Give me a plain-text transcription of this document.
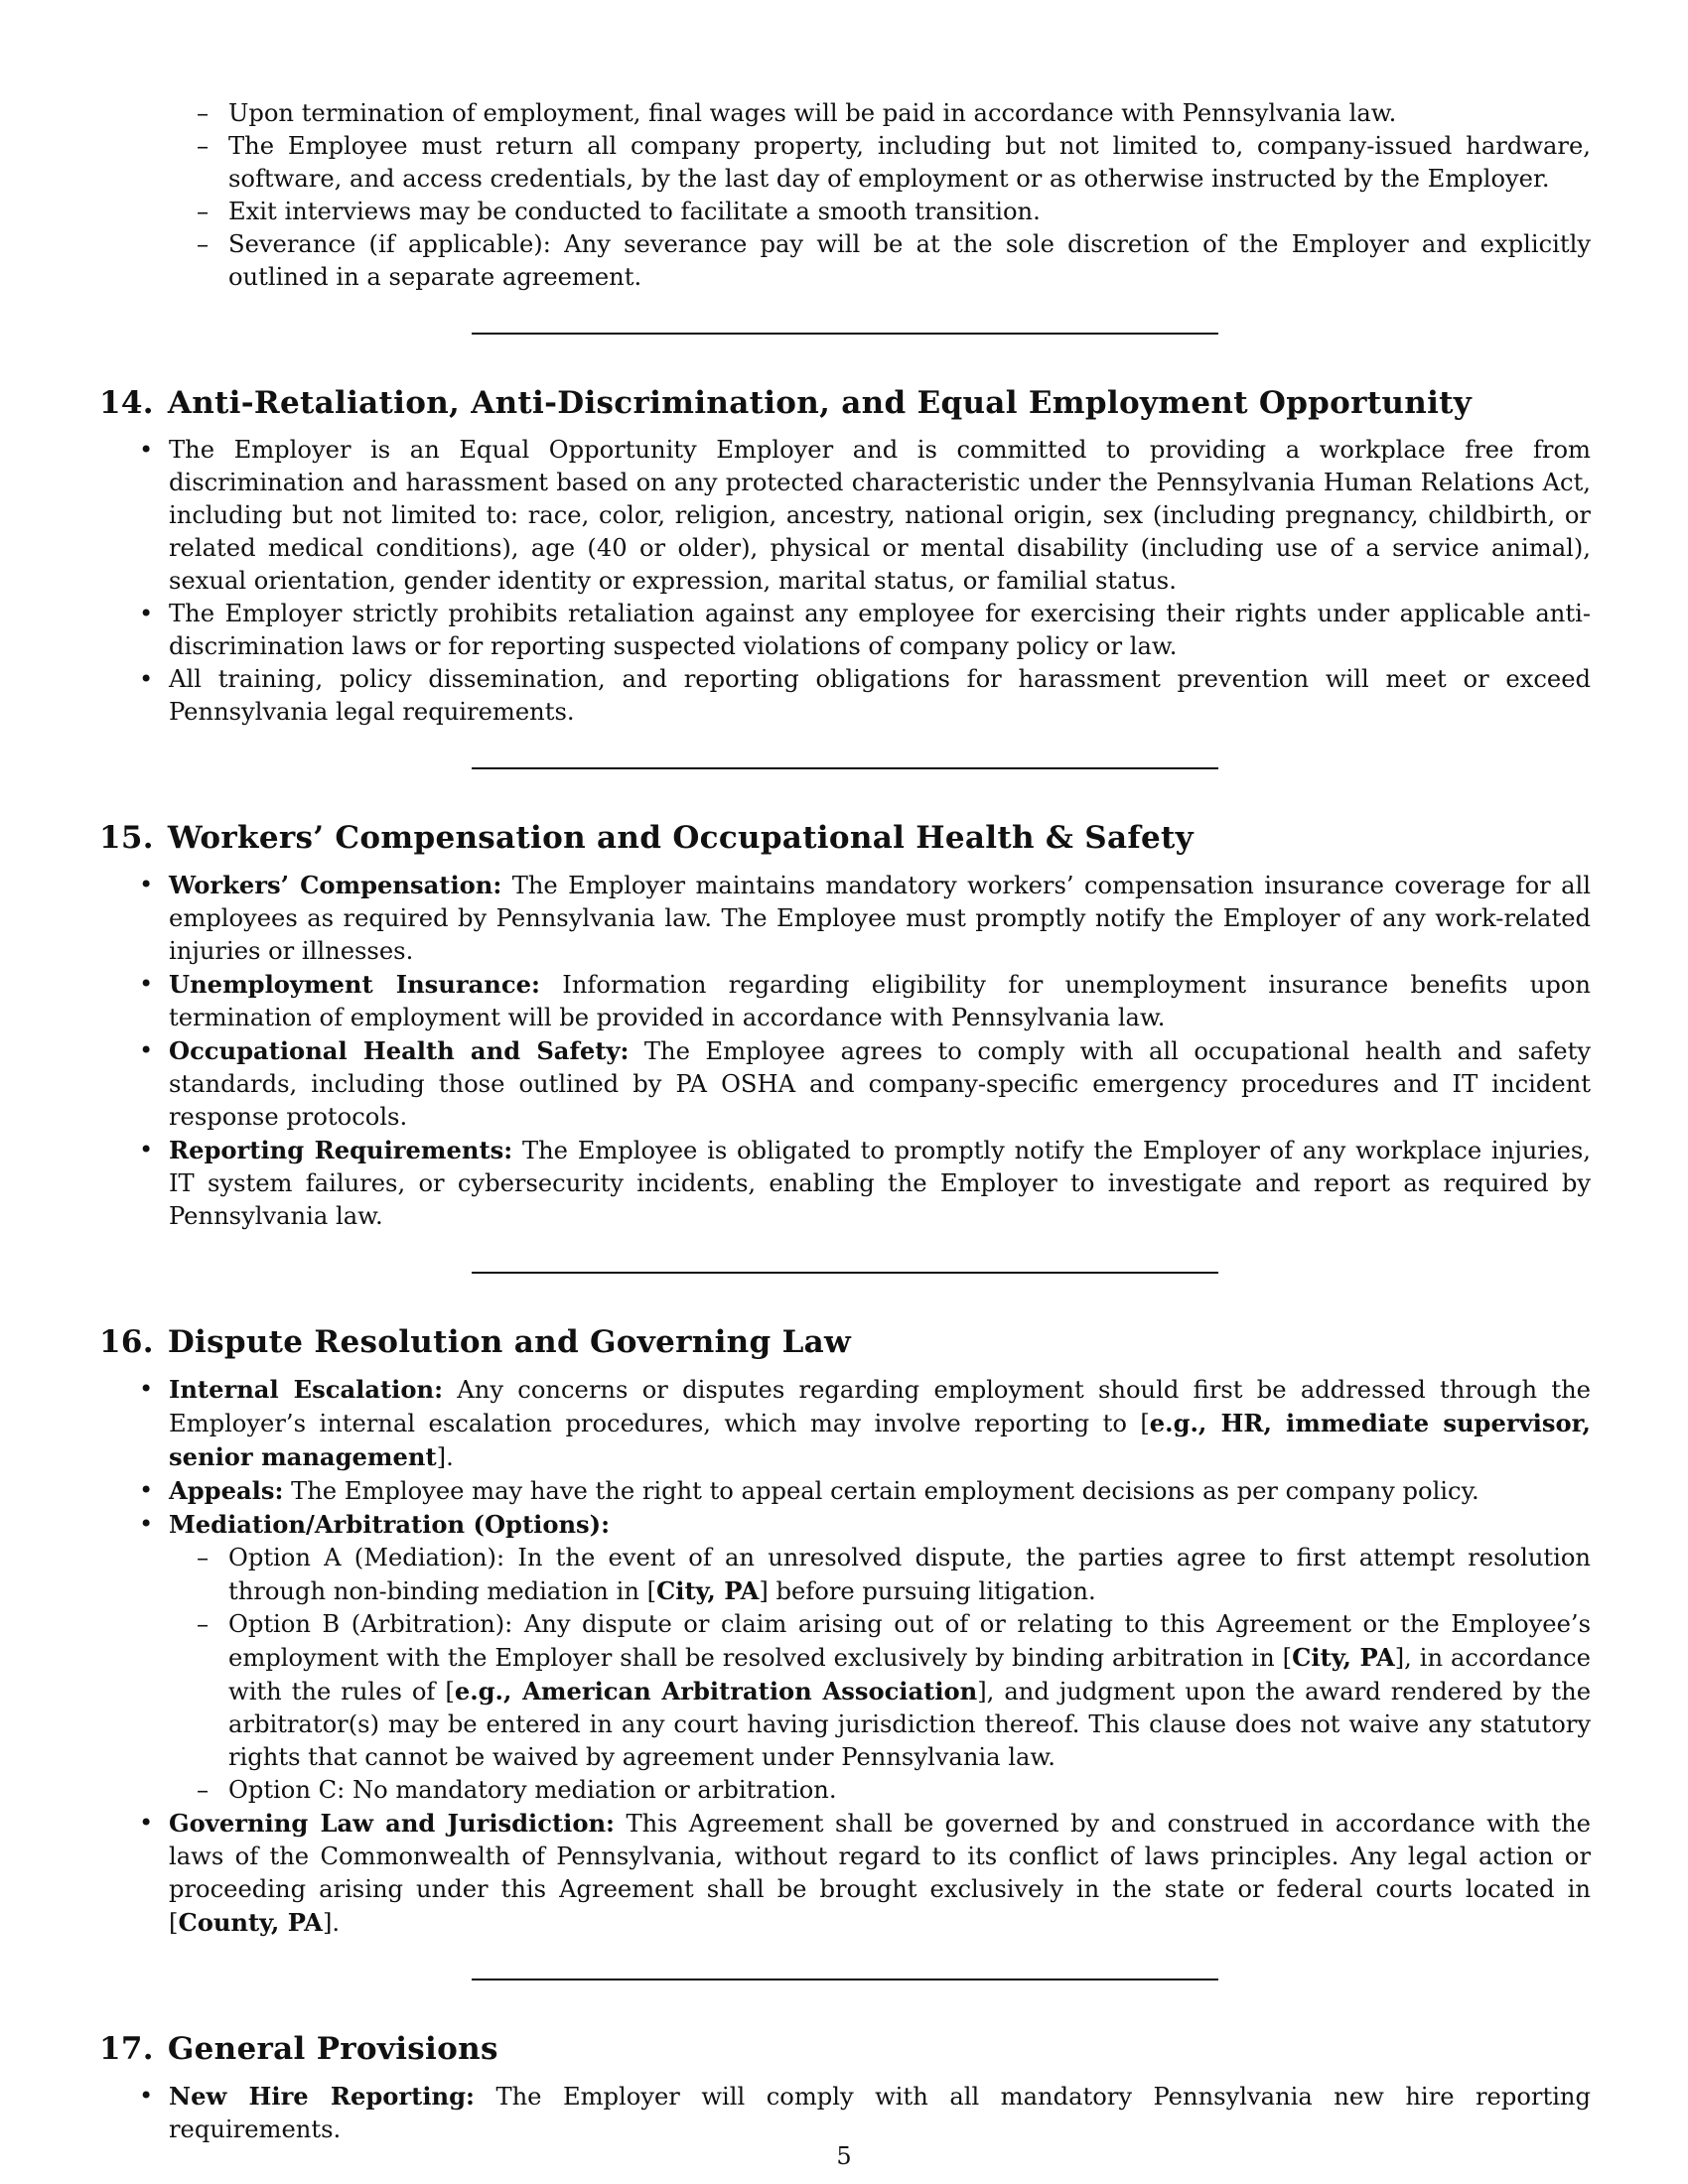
– Upon termination of employment, final wages will be paid in accordance with Pennsylvania law.
– The Employee must return all company property, including but not limited to, company-issued hardware, software, and access credentials, by the last day of employment or as otherwise instructed by the Employer.
– Exit interviews may be conducted to facilitate a smooth transition.
– Severance (if applicable): Any severance pay will be at the sole discretion of the Employer and explicitly outlined in a separate agreement.
14. Anti-Retaliation, Anti-Discrimination, and Equal Employment Opportunity
• The Employer is an Equal Opportunity Employer and is committed to providing a workplace free from discrimination and harassment based on any protected characteristic under the Pennsylvania Human Relations Act, including but not limited to: race, color, religion, ancestry, national origin, sex (including pregnancy, childbirth, or related medical conditions), age (40 or older), physical or mental disability (including use of a service animal), sexual orientation, gender identity or expression, marital status, or familial status.
• The Employer strictly prohibits retaliation against any employee for exercising their rights under applicable anti-discrimination laws or for reporting suspected violations of company policy or law.
• All training, policy dissemination, and reporting obligations for harassment prevention will meet or exceed Pennsylvania legal requirements.
15. Workers’ Compensation and Occupational Health & Safety
• Workers’ Compensation: The Employer maintains mandatory workers’ compensation insurance coverage for all employees as required by Pennsylvania law. The Employee must promptly notify the Employer of any work-related injuries or illnesses.
• Unemployment Insurance: Information regarding eligibility for unemployment insurance benefits upon termination of employment will be provided in accordance with Pennsylvania law.
• Occupational Health and Safety: The Employee agrees to comply with all occupational health and safety standards, including those outlined by PA OSHA and company-specific emergency procedures and IT incident response protocols.
• Reporting Requirements: The Employee is obligated to promptly notify the Employer of any workplace injuries, IT system failures, or cybersecurity incidents, enabling the Employer to investigate and report as required by Pennsylvania law.
16. Dispute Resolution and Governing Law
• Internal Escalation: Any concerns or disputes regarding employment should first be addressed through the Employer’s internal escalation procedures, which may involve reporting to [e.g., HR, immediate supervisor, senior management].
• Appeals: The Employee may have the right to appeal certain employment decisions as per company policy.
• Mediation/Arbitration (Options):
– Option A (Mediation): In the event of an unresolved dispute, the parties agree to first attempt resolution through non-binding mediation in [City, PA] before pursuing litigation.
– Option B (Arbitration): Any dispute or claim arising out of or relating to this Agreement or the Employee’s employment with the Employer shall be resolved exclusively by binding arbitration in [City, PA], in accordance with the rules of [e.g., American Arbitration Association], and judgment upon the award rendered by the arbitrator(s) may be entered in any court having jurisdiction thereof. This clause does not waive any statutory rights that cannot be waived by agreement under Pennsylvania law.
– Option C: No mandatory mediation or arbitration.
• Governing Law and Jurisdiction: This Agreement shall be governed by and construed in accordance with the laws of the Commonwealth of Pennsylvania, without regard to its conflict of laws principles. Any legal action or proceeding arising under this Agreement shall be brought exclusively in the state or federal courts located in [County, PA].
17. General Provisions
• New Hire Reporting: The Employer will comply with all mandatory Pennsylvania new hire reporting requirements.
5
